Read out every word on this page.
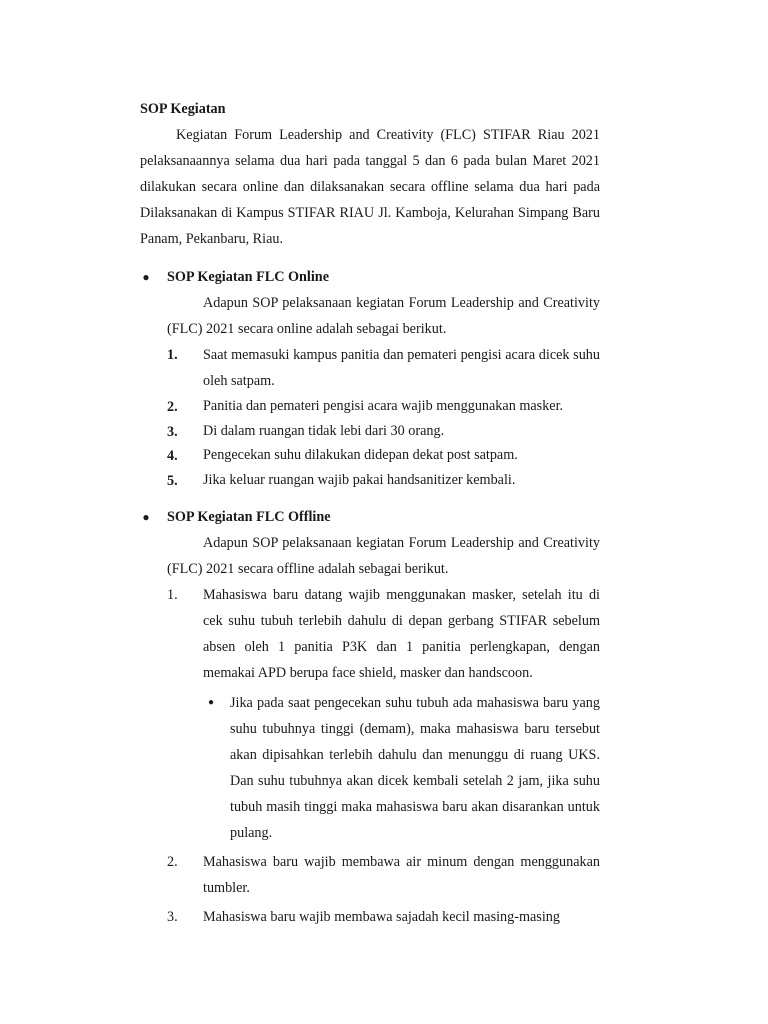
SOP Kegiatan

Kegiatan Forum Leadership and Creativity (FLC) STIFAR Riau 2021 pelaksanaannya selama dua hari pada tanggal 5 dan 6 pada bulan Maret 2021 dilakukan secara online dan dilaksanakan secara offline selama dua hari pada Dilaksanakan di Kampus STIFAR RIAU Jl. Kamboja, Kelurahan Simpang Baru Panam, Pekanbaru, Riau.

● SOP Kegiatan FLC Online

Adapun SOP pelaksanaan kegiatan Forum Leadership and Creativity (FLC) 2021 secara online adalah sebagai berikut.

1.	Saat memasuki kampus panitia dan pemateri pengisi acara dicek suhu oleh satpam.

2.	Panitia dan pemateri pengisi acara wajib menggunakan masker.

3.	Di dalam ruangan tidak lebi dari 30 orang.

4.	Pengecekan suhu dilakukan didepan dekat post satpam.

5.	Jika keluar ruangan wajib pakai handsanitizer kembali.

● SOP Kegiatan FLC Offline

Adapun SOP pelaksanaan kegiatan Forum Leadership and Creativity (FLC) 2021 secara offline adalah sebagai berikut.

1.	Mahasiswa baru datang wajib menggunakan masker, setelah itu di cek suhu tubuh terlebih dahulu di depan gerbang STIFAR sebelum absen oleh 1 panitia P3K dan 1 panitia perlengkapan, dengan memakai APD berupa face shield, masker dan handscoon.

● Jika pada saat pengecekan suhu tubuh ada mahasiswa baru yang suhu tubuhnya tinggi (demam), maka mahasiswa baru tersebut akan dipisahkan terlebih dahulu dan menunggu di ruang UKS. Dan suhu tubuhnya akan dicek kembali setelah 2 jam, jika suhu tubuh masih tinggi maka mahasiswa baru akan disarankan untuk pulang.

2.	Mahasiswa baru wajib membawa air minum dengan menggunakan tumbler.

3.	Mahasiswa baru wajib membawa sajadah kecil masing-masing
